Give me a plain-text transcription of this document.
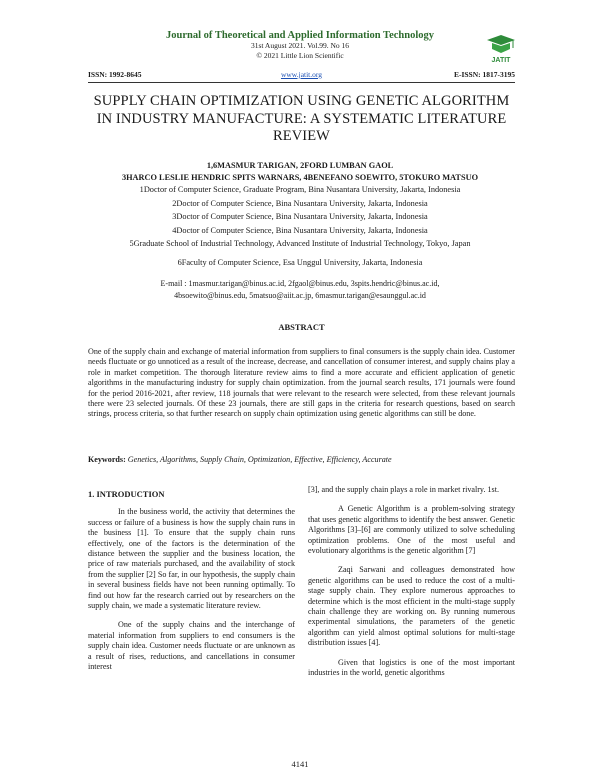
Journal of Theoretical and Applied Information Technology
31st August 2021. Vol.99. No 16
© 2021 Little Lion Scientific
JATIT
ISSN: 1992-8645	www.jatit.org	E-ISSN: 1817-3195
SUPPLY CHAIN OPTIMIZATION USING GENETIC ALGORITHM IN INDUSTRY MANUFACTURE: A SYSTEMATIC LITERATURE REVIEW
1,6MASMUR TARIGAN, 2FORD LUMBAN GAOL
3HARCO LESLIE HENDRIC SPITS WARNARS, 4BENEFANO SOEWITO, 5TOKURO MATSUO
1Doctor of Computer Science, Graduate Program, Bina Nusantara University, Jakarta, Indonesia
2Doctor of Computer Science, Bina Nusantara University, Jakarta, Indonesia
3Doctor of Computer Science, Bina Nusantara University, Jakarta, Indonesia
4Doctor of Computer Science, Bina Nusantara University, Jakarta, Indonesia
5Graduate School of Industrial Technology, Advanced Institute of Industrial Technology, Tokyo, Japan
6Faculty of Computer Science, Esa Unggul University, Jakarta, Indonesia
E-mail : 1masmur.tarigan@binus.ac.id, 2fgaol@binus.edu, 3spits.hendric@binus.ac.id,
4bsoewito@binus.edu, 5matsuo@aiit.ac.jp, 6masmur.tarigan@esaunggul.ac.id
ABSTRACT
One of the supply chain and exchange of material information from suppliers to final consumers is the supply chain idea. Customer needs fluctuate or go unnoticed as a result of the increase, decrease, and cancellation of consumer interest, and supply chains play a role in market competition. The thorough literature review aims to find a more accurate and efficient application of genetic algorithms in the manufacturing industry for supply chain optimization. from the journal search results, 171 journals were found for the period 2016-2021, after review, 118 journals that were relevant to the research were selected, from these relevant journals there were 23 selected journals. Of these 23 journals, there are still gaps in the criteria for research questions, based on search strings, process criteria, so that further research on supply chain optimization using genetic algorithms can still be done.
Keywords: Genetics, Algorithms, Supply Chain, Optimization, Effective, Efficiency, Accurate
1. INTRODUCTION

In the business world, the activity that determines the success or failure of a business is how the supply chain runs in the business [1]. To ensure that the supply chain runs effectively, one of the factors is the determination of the distance between the supplier and the business location, the price of raw materials purchased, and the availability of stock from the supplier [2] So far, in our hypothesis, the supply chain in several business fields have not been running optimally. To find out how far the research carried out by researchers on the supply chain, we made a systematic literature review.

One of the supply chains and the interchange of material information from suppliers to end consumers is the supply chain idea. Customer needs fluctuate or are unknown as a result of rises, reductions, and cancellations in consumer interest

[3], and the supply chain plays a role in market rivalry. 1st.

A Genetic Algorithm is a problem-solving strategy that uses genetic algorithms to identify the best answer. Genetic Algorithms [3]–[6] are commonly utilized to solve scheduling optimization problems. One of the most useful and evolutionary algorithms is the genetic algorithm [7]

Zaqi Sarwani and colleagues demonstrated how genetic algorithms can be used to reduce the cost of a multi-stage supply chain. They explore numerous approaches to determine which is the most efficient in the multi-stage supply chain challenge they are working on. By running numerous experimental simulations, the parameters of the genetic algorithm can yield almost optimal solutions for multi-stage distribution issues [4].

Given that logistics is one of the most important industries in the world, genetic algorithms

4141
